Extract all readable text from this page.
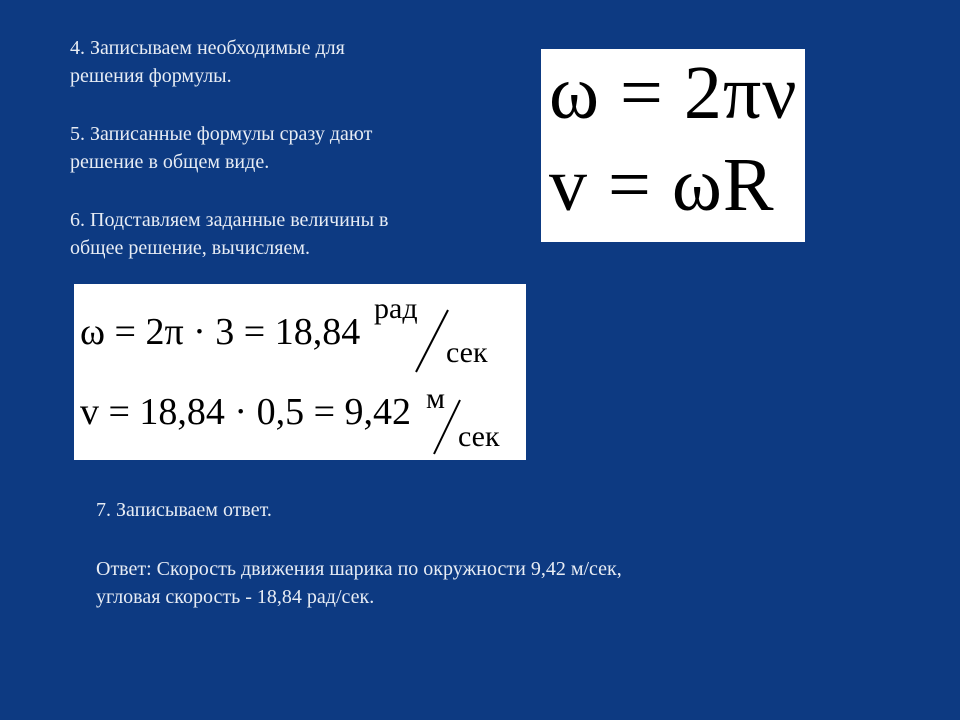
4. Записываем необходимые для

решения формулы.

5. Записанные формулы сразу дают

решение в общем виде.

6. Подставляем заданные величины в

общее решение, вычисляем.

ω = 2πν
v = ωR
ω = 2π · 3 = 18,84
рад
сек
v = 18,84 · 0,5 = 9,42 м
сек

7. Записываем ответ.

Ответ: Скорость движения шарика по окружности 9,42 м/сек,

угловая скорость - 18,84 рад/сек.
